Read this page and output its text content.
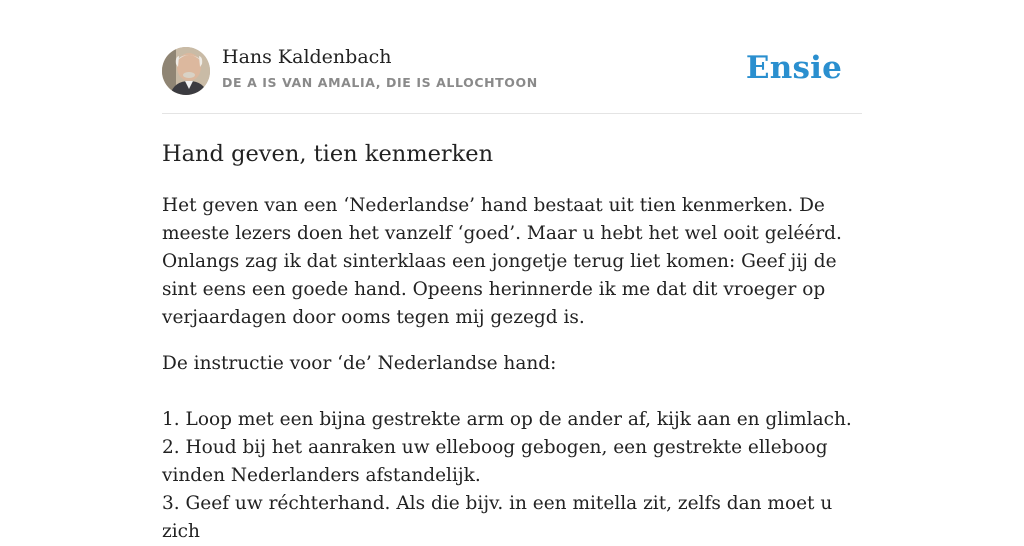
Hans Kaldenbach
DE A IS VAN AMALIA, DIE IS ALLOCHTOON	Ensie
Hand geven, tien kenmerken

Het geven van een ‘Nederlandse’ hand bestaat uit tien kenmerken. De meeste lezers doen het vanzelf ‘goed’. Maar u hebt het wel ooit geléérd. Onlangs zag ik dat sinterklaas een jongetje terug liet komen: Geef jij de sint eens een goede hand. Opeens herinnerde ik me dat dit vroeger op verjaardagen door ooms tegen mij gezegd is.

De instructie voor ‘de’ Nederlandse hand:

1. Loop met een bijna gestrekte arm op de ander af, kijk aan en glimlach.
2. Houd bij het aanraken uw elleboog gebogen, een gestrekte elleboog vinden Nederlanders afstandelijk.
3. Geef uw réchterhand. Als die bijv. in een mitella zit, zelfs dan moet u zich
